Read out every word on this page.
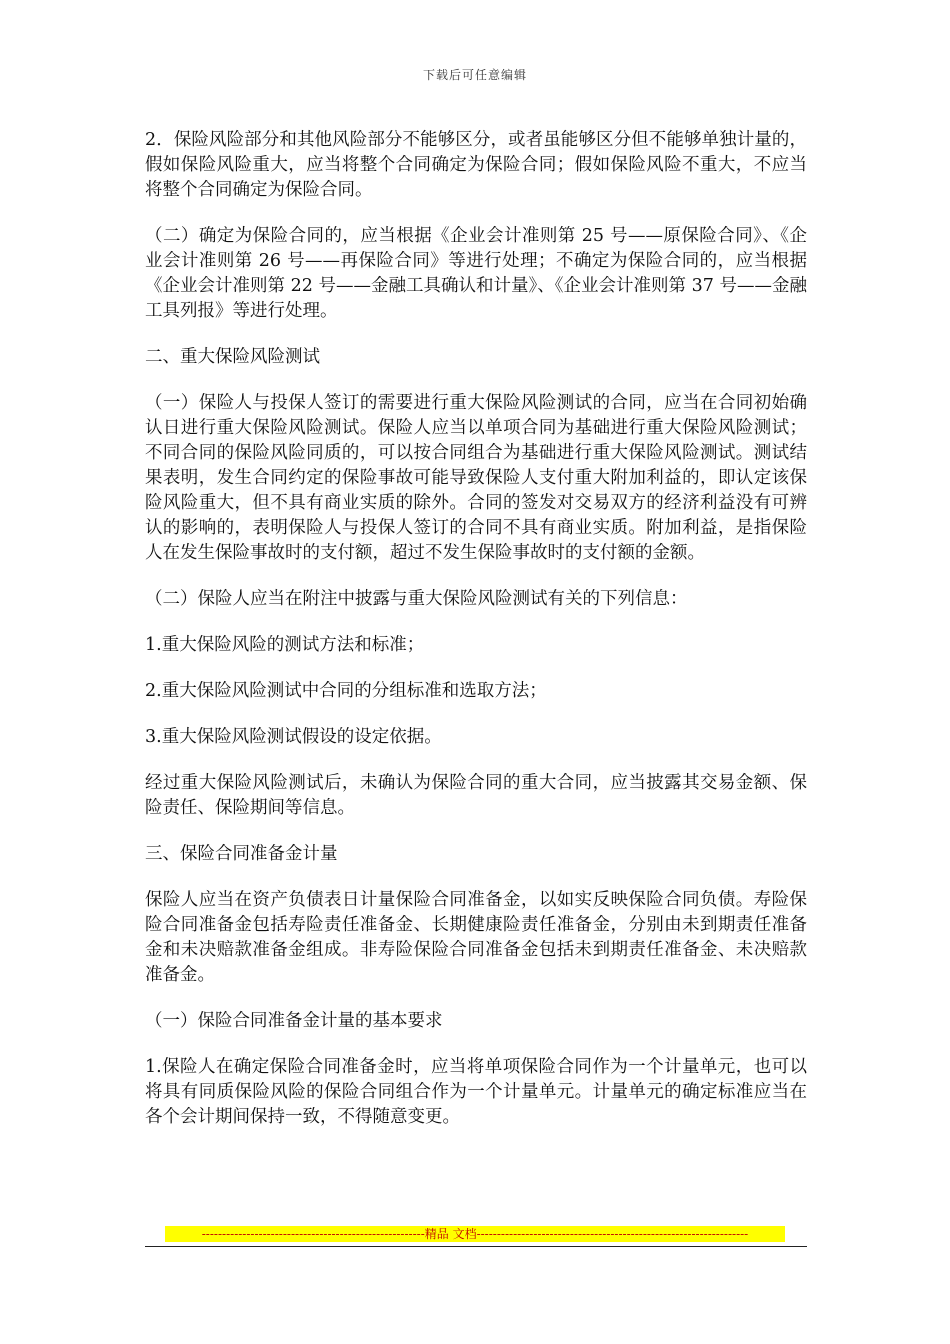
下载后可任意编辑

2．保险风险部分和其他风险部分不能够区分，或者虽能够区分但不能够单独计量的，假如保险风险重大，应当将整个合同确定为保险合同；假如保险风险不重大，不应当将整个合同确定为保险合同。

（二）确定为保险合同的，应当根据《企业会计准则第 25 号——原保险合同》、《企业会计准则第 26 号——再保险合同》等进行处理；不确定为保险合同的，应当根据《企业会计准则第 22 号——金融工具确认和计量》、《企业会计准则第 37 号——金融工具列报》等进行处理。

二、重大保险风险测试

（一）保险人与投保人签订的需要进行重大保险风险测试的合同，应当在合同初始确认日进行重大保险风险测试。保险人应当以单项合同为基础进行重大保险风险测试；不同合同的保险风险同质的，可以按合同组合为基础进行重大保险风险测试。测试结果表明，发生合同约定的保险事故可能导致保险人支付重大附加利益的，即认定该保险风险重大，但不具有商业实质的除外。合同的签发对交易双方的经济利益没有可辨认的影响的，表明保险人与投保人签订的合同不具有商业实质。附加利益，是指保险人在发生保险事故时的支付额，超过不发生保险事故时的支付额的金额。

（二）保险人应当在附注中披露与重大保险风险测试有关的下列信息：

1.重大保险风险的测试方法和标准；

2.重大保险风险测试中合同的分组标准和选取方法；

3.重大保险风险测试假设的设定依据。

经过重大保险风险测试后，未确认为保险合同的重大合同，应当披露其交易金额、保险责任、保险期间等信息。

三、保险合同准备金计量

保险人应当在资产负债表日计量保险合同准备金，以如实反映保险合同负债。寿险保险合同准备金包括寿险责任准备金、长期健康险责任准备金，分别由未到期责任准备金和未决赔款准备金组成。非寿险保险合同准备金包括未到期责任准备金、未决赔款准备金。

（一）保险合同准备金计量的基本要求

1.保险人在确定保险合同准备金时，应当将单项保险合同作为一个计量单元，也可以将具有同质保险风险的保险合同组合作为一个计量单元。计量单元的确定标准应当在各个会计期间保持一致，不得随意变更。

-------------------------------------------------------精品 文档-------------------------------------------------------------------
